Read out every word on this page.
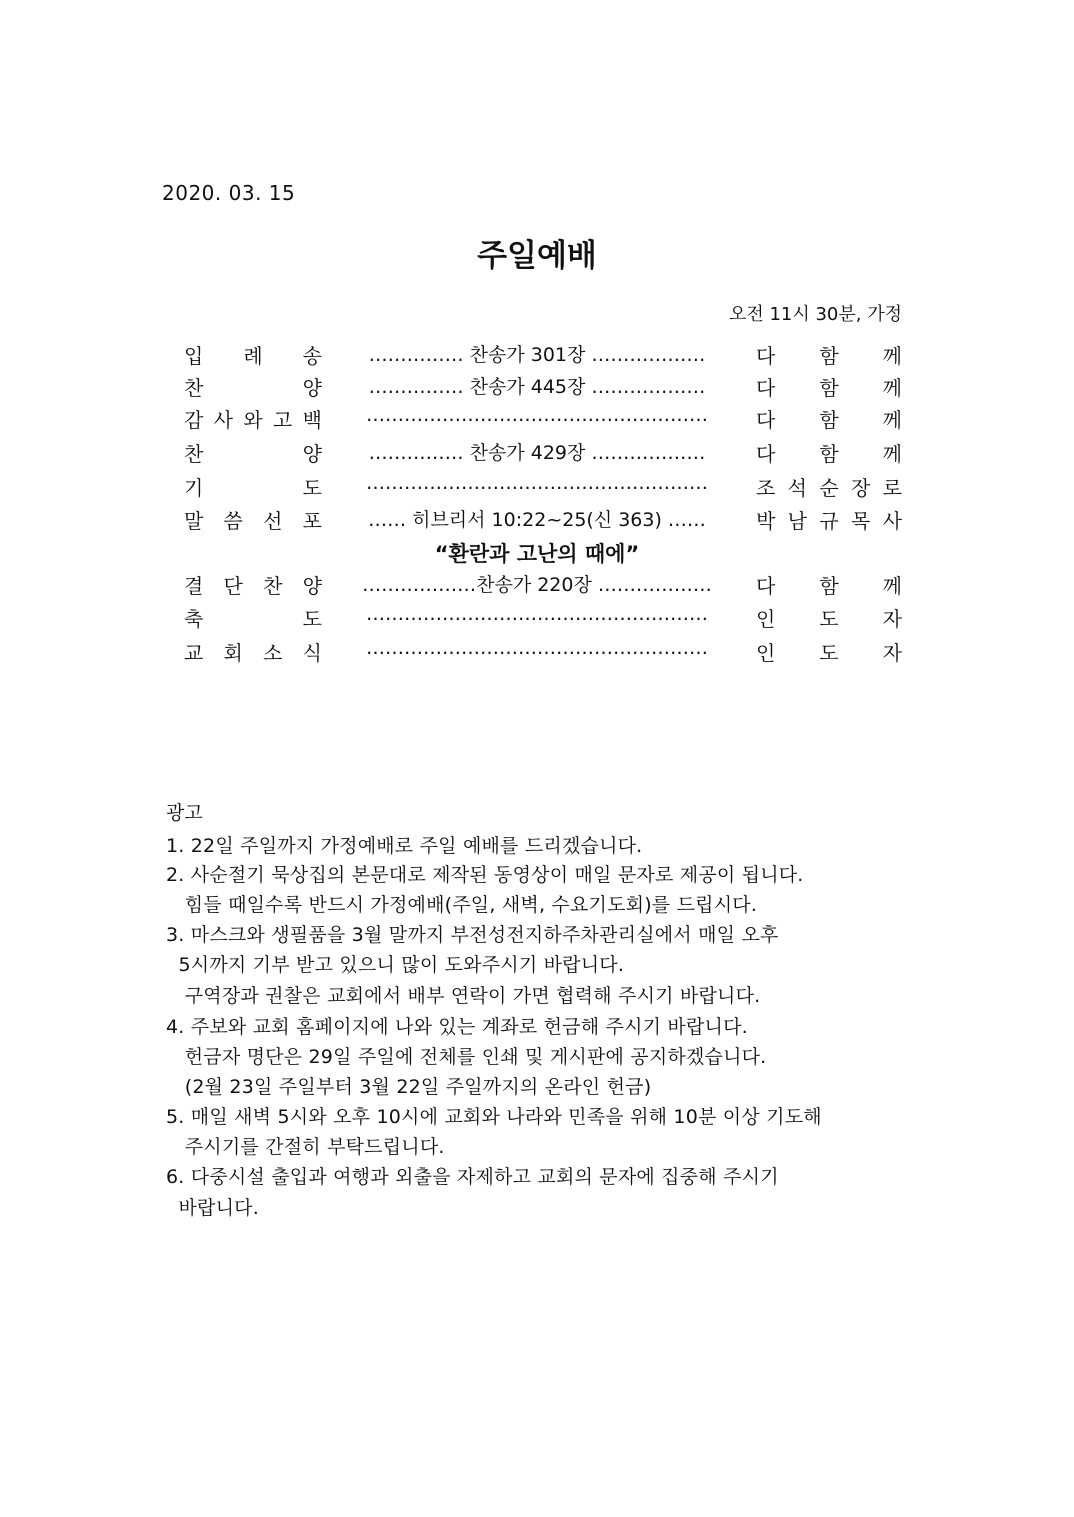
2020. 03. 15
주일예배
오전 11시 30분, 가정
입 례 송 …………… 찬송가 301장 ………………	다 함 께
찬	양 …………… 찬송가 445장 ………………	다 함 께
감 사 와 고 백 ……………………………………………… 다 함 께
찬	양 …………… 찬송가 429장 ………………	다 함 께
기	도 ……………………………………………… 조 석 순 장 로
말 씀 선 포 …… 히브리서 10:22~25(신 363) ……	박 남 규 목 사
결 단 찬 양 ………………찬송가 220장 ……………… 다 함 께
축	도 ……………………………………………… 인 도 자
교 회 소 식 ……………………………………………… 인 도 자
“환란과 고난의 때에”
광고
1. 22일 주일까지 가정예배로 주일 예배를 드리겠습니다.
2. 사순절기 묵상집의 본문대로 제작된 동영상이 매일 문자로 제공이 됩니다.
힘들 때일수록 반드시 가정예배(주일, 새벽, 수요기도회)를 드립시다.
3. 마스크와 생필품을 3월 말까지 부전성전지하주차관리실에서 매일 오후
5시까지 기부 받고 있으니 많이 도와주시기 바랍니다.
구역장과 권찰은 교회에서 배부 연락이 가면 협력해 주시기 바랍니다.
4. 주보와 교회 홈페이지에 나와 있는 계좌로 헌금해 주시기 바랍니다.
헌금자 명단은 29일 주일에 전체를 인쇄 및 게시판에 공지하겠습니다.
(2월 23일 주일부터 3월 22일 주일까지의 온라인 헌금)
5. 매일 새벽 5시와 오후 10시에 교회와 나라와 민족을 위해 10분 이상 기도해
주시기를 간절히 부탁드립니다.
6. 다중시설 출입과 여행과 외출을 자제하고 교회의 문자에 집중해 주시기
바랍니다.
